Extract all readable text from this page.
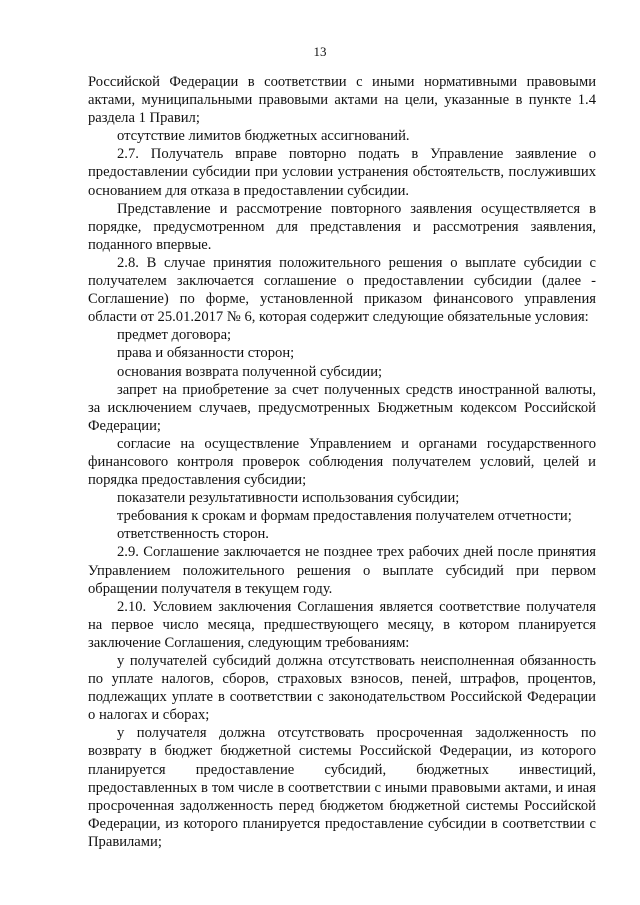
13

Российской Федерации в соответствии с иными нормативными правовыми актами, муниципальными правовыми актами на цели, указанные в пункте 1.4 раздела 1 Правил;

отсутствие лимитов бюджетных ассигнований.

2.7. Получатель вправе повторно подать в Управление заявление о предоставлении субсидии при условии устранения обстоятельств, послуживших основанием для отказа в предоставлении субсидии.

Представление и рассмотрение повторного заявления осуществляется в порядке, предусмотренном для представления и рассмотрения заявления, поданного впервые.

2.8. В случае принятия положительного решения о выплате субсидии с получателем заключается соглашение о предоставлении субсидии (далее - Соглашение) по форме, установленной приказом финансового управления области от 25.01.2017 № 6, которая содержит следующие обязательные условия:

предмет договора;

права и обязанности сторон;

основания возврата полученной субсидии;

запрет на приобретение за счет полученных средств иностранной валюты, за исключением случаев, предусмотренных Бюджетным кодексом Российской Федерации;

согласие на осуществление Управлением и органами государственного финансового контроля проверок соблюдения получателем условий, целей и порядка предоставления субсидии;

показатели результативности использования субсидии;

требования к срокам и формам предоставления получателем отчетности;

ответственность сторон.

2.9. Соглашение заключается не позднее трех рабочих дней после принятия Управлением положительного решения о выплате субсидий при первом обращении получателя в текущем году.

2.10. Условием заключения Соглашения является соответствие получателя на первое число месяца, предшествующего месяцу, в котором планируется заключение Соглашения, следующим требованиям:

у получателей субсидий должна отсутствовать неисполненная обязанность по уплате налогов, сборов, страховых взносов, пеней, штрафов, процентов, подлежащих уплате в соответствии с законодательством Российской Федерации о налогах и сборах;

у получателя должна отсутствовать просроченная задолженность по возврату в бюджет бюджетной системы Российской Федерации, из которого планируется предоставление субсидий, бюджетных инвестиций, предоставленных в том числе в соответствии с иными правовыми актами, и иная просроченная задолженность перед бюджетом бюджетной системы Российской Федерации, из которого планируется предоставление субсидии в соответствии с Правилами;
